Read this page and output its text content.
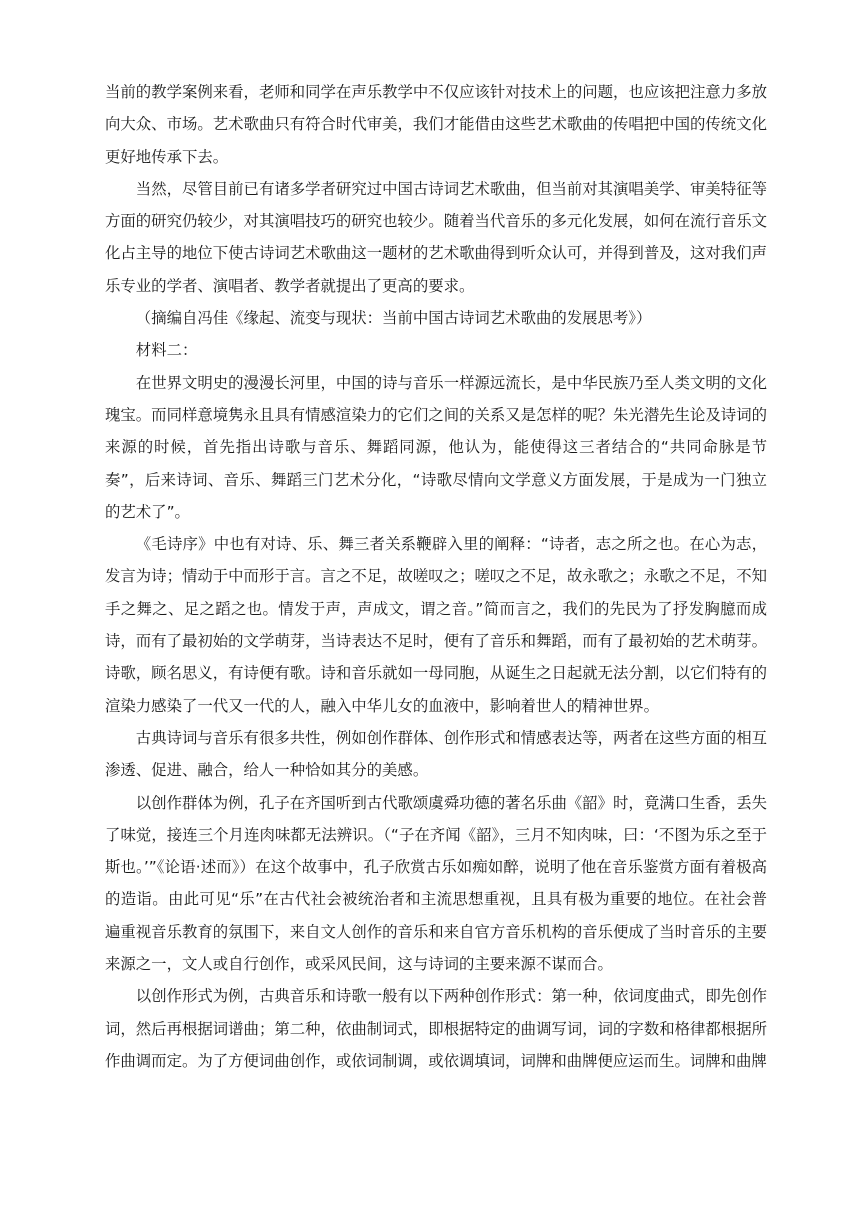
当前的教学案例来看，老师和同学在声乐教学中不仅应该针对技术上的问题，也应该把注意力多放向大众、市场。艺术歌曲只有符合时代审美，我们才能借由这些艺术歌曲的传唱把中国的传统文化更好地传承下去。

当然，尽管目前已有诸多学者研究过中国古诗词艺术歌曲，但当前对其演唱美学、审美特征等方面的研究仍较少，对其演唱技巧的研究也较少。随着当代音乐的多元化发展，如何在流行音乐文化占主导的地位下使古诗词艺术歌曲这一题材的艺术歌曲得到听众认可，并得到普及，这对我们声乐专业的学者、演唱者、教学者就提出了更高的要求。

（摘编自冯佳《缘起、流变与现状：当前中国古诗词艺术歌曲的发展思考》）

材料二：

在世界文明史的漫漫长河里，中国的诗与音乐一样源远流长，是中华民族乃至人类文明的文化瑰宝。而同样意境隽永且具有情感渲染力的它们之间的关系又是怎样的呢？朱光潜先生论及诗词的来源的时候，首先指出诗歌与音乐、舞蹈同源，他认为，能使得这三者结合的“共同命脉是节奏”，后来诗词、音乐、舞蹈三门艺术分化，“诗歌尽情向文学意义方面发展，于是成为一门独立的艺术了”。

《毛诗序》中也有对诗、乐、舞三者关系鞭辟入里的阐释：“诗者，志之所之也。在心为志，发言为诗；情动于中而形于言。言之不足，故嗟叹之；嗟叹之不足，故永歌之；永歌之不足，不知手之舞之、足之蹈之也。情发于声，声成文，谓之音。”简而言之，我们的先民为了抒发胸臆而成诗，而有了最初始的文学萌芽，当诗表达不足时，便有了音乐和舞蹈，而有了最初始的艺术萌芽。诗歌，顾名思义，有诗便有歌。诗和音乐就如一母同胞，从诞生之日起就无法分割，以它们特有的渲染力感染了一代又一代的人，融入中华儿女的血液中，影响着世人的精神世界。

古典诗词与音乐有很多共性，例如创作群体、创作形式和情感表达等，两者在这些方面的相互渗透、促进、融合，给人一种恰如其分的美感。

以创作群体为例，孔子在齐国听到古代歌颂虞舜功德的著名乐曲《韶》时，竟满口生香，丢失了味觉，接连三个月连肉味都无法辨识。（“子在齐闻《韶》，三月不知肉味，曰：‘不图为乐之至于斯也。’”《论语·述而》）在这个故事中，孔子欣赏古乐如痴如醉，说明了他在音乐鉴赏方面有着极高的造诣。由此可见“乐”在古代社会被统治者和主流思想重视，且具有极为重要的地位。在社会普遍重视音乐教育的氛围下，来自文人创作的音乐和来自官方音乐机构的音乐便成了当时音乐的主要来源之一，文人或自行创作，或采风民间，这与诗词的主要来源不谋而合。

以创作形式为例，古典音乐和诗歌一般有以下两种创作形式：第一种，依词度曲式，即先创作词，然后再根据词谱曲；第二种，依曲制词式，即根据特定的曲调写词，词的字数和格律都根据所作曲调而定。为了方便词曲创作，或依词制调，或依调填词，词牌和曲牌便应运而生。词牌和曲牌
